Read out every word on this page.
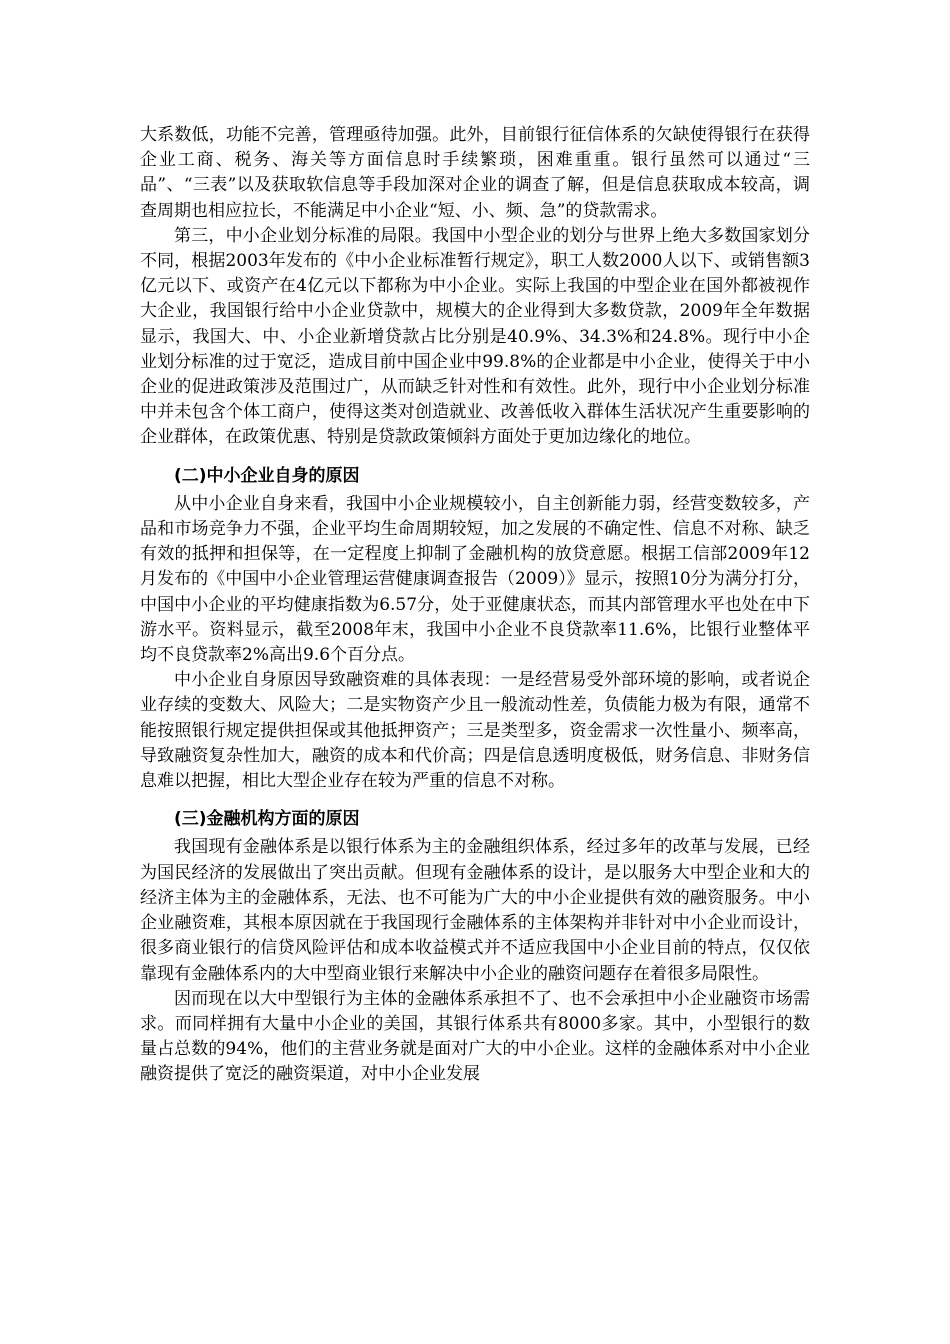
大系数低，功能不完善，管理亟待加强。此外，目前银行征信体系的欠缺使得银行在获得企业工商、税务、海关等方面信息时手续繁琐，困难重重。银行虽然可以通过“三品”、“三表”以及获取软信息等手段加深对企业的调查了解，但是信息获取成本较高，调查周期也相应拉长，不能满足中小企业“短、小、频、急”的贷款需求。

第三，中小企业划分标准的局限。我国中小型企业的划分与世界上绝大多数国家划分不同，根据2003年发布的《中小企业标准暂行规定》，职工人数2000人以下、或销售额3亿元以下、或资产在4亿元以下都称为中小企业。实际上我国的中型企业在国外都被视作大企业，我国银行给中小企业贷款中，规模大的企业得到大多数贷款，2009年全年数据显示，我国大、中、小企业新增贷款占比分别是40.9%、34.3%和24.8%。现行中小企业划分标准的过于宽泛，造成目前中国企业中99.8%的企业都是中小企业，使得关于中小企业的促进政策涉及范围过广，从而缺乏针对性和有效性。此外，现行中小企业划分标准中并未包含个体工商户，使得这类对创造就业、改善低收入群体生活状况产生重要影响的企业群体，在政策优惠、特别是贷款政策倾斜方面处于更加边缘化的地位。

(二)中小企业自身的原因

从中小企业自身来看，我国中小企业规模较小，自主创新能力弱，经营变数较多，产品和市场竞争力不强，企业平均生命周期较短，加之发展的不确定性、信息不对称、缺乏有效的抵押和担保等，在一定程度上抑制了金融机构的放贷意愿。根据工信部2009年12月发布的《中国中小企业管理运营健康调查报告（2009）》显示，按照10分为满分打分，中国中小企业的平均健康指数为6.57分，处于亚健康状态，而其内部管理水平也处在中下游水平。资料显示，截至2008年末，我国中小企业不良贷款率11.6%，比银行业整体平均不良贷款率2%高出9.6个百分点。

中小企业自身原因导致融资难的具体表现：一是经营易受外部环境的影响，或者说企业存续的变数大、风险大；二是实物资产少且一般流动性差，负债能力极为有限，通常不能按照银行规定提供担保或其他抵押资产；三是类型多，资金需求一次性量小、频率高，导致融资复杂性加大，融资的成本和代价高；四是信息透明度极低，财务信息、非财务信息难以把握，相比大型企业存在较为严重的信息不对称。

(三)金融机构方面的原因

我国现有金融体系是以银行体系为主的金融组织体系，经过多年的改革与发展，已经为国民经济的发展做出了突出贡献。但现有金融体系的设计，是以服务大中型企业和大的经济主体为主的金融体系，无法、也不可能为广大的中小企业提供有效的融资服务。中小企业融资难，其根本原因就在于我国现行金融体系的主体架构并非针对中小企业而设计，很多商业银行的信贷风险评估和成本收益模式并不适应我国中小企业目前的特点，仅仅依靠现有金融体系内的大中型商业银行来解决中小企业的融资问题存在着很多局限性。

因而现在以大中型银行为主体的金融体系承担不了、也不会承担中小企业融资市场需求。而同样拥有大量中小企业的美国，其银行体系共有8000多家。其中，小型银行的数量占总数的94%，他们的主营业务就是面对广大的中小企业。这样的金融体系对中小企业融资提供了宽泛的融资渠道，对中小企业发展
